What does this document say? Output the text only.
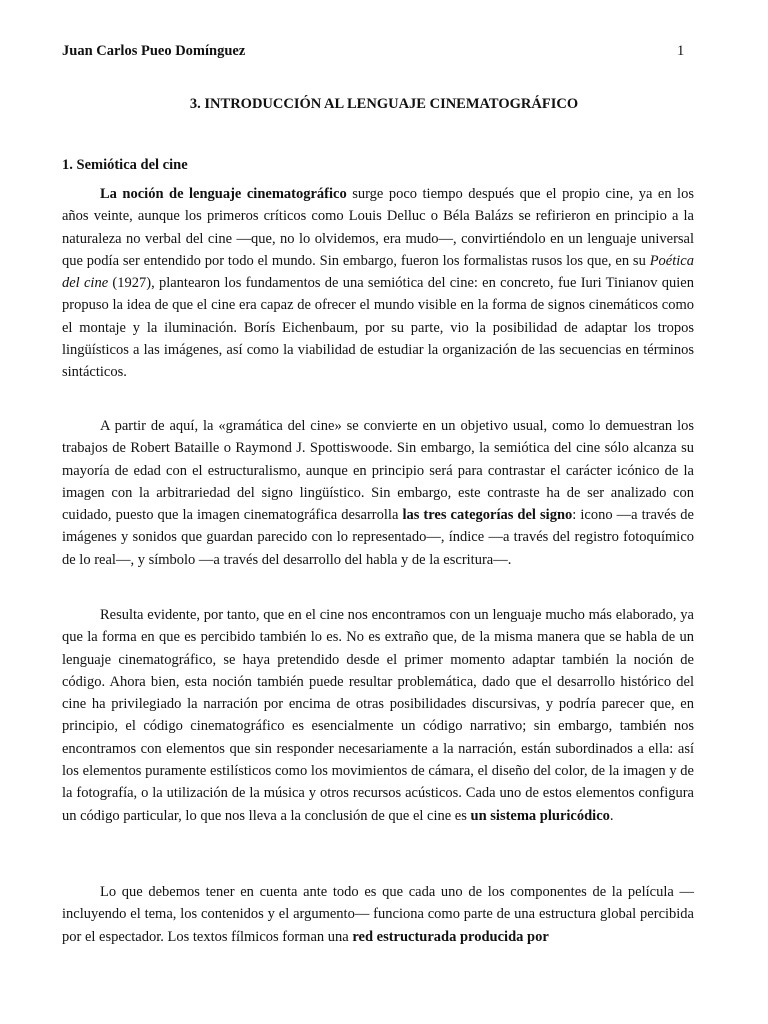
Juan Carlos Pueo Domínguez	1
3. INTRODUCCIÓN AL LENGUAJE CINEMATOGRÁFICO
1. Semiótica del cine

La noción de lenguaje cinematográfico surge poco tiempo después que el propio cine, ya en los años veinte, aunque los primeros críticos como Louis Delluc o Béla Balázs se refirieron en principio a la naturaleza no verbal del cine —que, no lo olvidemos, era mudo—, convirtiéndolo en un lenguaje universal que podía ser entendido por todo el mundo. Sin embargo, fueron los formalistas rusos los que, en su Poética del cine (1927), plantearon los fundamentos de una semiótica del cine: en concreto, fue Iuri Tinianov quien propuso la idea de que el cine era capaz de ofrecer el mundo visible en la forma de signos cinemáticos como el montaje y la iluminación. Borís Eichenbaum, por su parte, vio la posibilidad de adaptar los tropos lingüísticos a las imágenes, así como la viabilidad de estudiar la organización de las secuencias en términos sintácticos.

A partir de aquí, la «gramática del cine» se convierte en un objetivo usual, como lo demuestran los trabajos de Robert Bataille o Raymond J. Spottiswoode. Sin embargo, la semiótica del cine sólo alcanza su mayoría de edad con el estructuralismo, aunque en principio será para contrastar el carácter icónico de la imagen con la arbitrariedad del signo lingüístico. Sin embargo, este contraste ha de ser analizado con cuidado, puesto que la imagen cinematográfica desarrolla las tres categorías del signo: icono —a través de imágenes y sonidos que guardan parecido con lo representado—, índice —a través del registro fotoquímico de lo real—, y símbolo —a través del desarrollo del habla y de la escritura—.

Resulta evidente, por tanto, que en el cine nos encontramos con un lenguaje mucho más elaborado, ya que la forma en que es percibido también lo es. No es extraño que, de la misma manera que se habla de un lenguaje cinematográfico, se haya pretendido desde el primer momento adaptar también la noción de código. Ahora bien, esta noción también puede resultar problemática, dado que el desarrollo histórico del cine ha privilegiado la narración por encima de otras posibilidades discursivas, y podría parecer que, en principio, el código cinematográfico es esencialmente un código narrativo; sin embargo, también nos encontramos con elementos que sin responder necesariamente a la narración, están subordinados a ella: así los elementos puramente estilísticos como los movimientos de cámara, el diseño del color, de la imagen y de la fotografía, o la utilización de la música y otros recursos acústicos. Cada uno de estos elementos configura un código particular, lo que nos lleva a la conclusión de que el cine es un sistema pluricódico.

Lo que debemos tener en cuenta ante todo es que cada uno de los componentes de la película —incluyendo el tema, los contenidos y el argumento— funciona como parte de una estructura global percibida por el espectador. Los textos fílmicos forman una red estructurada producida por
